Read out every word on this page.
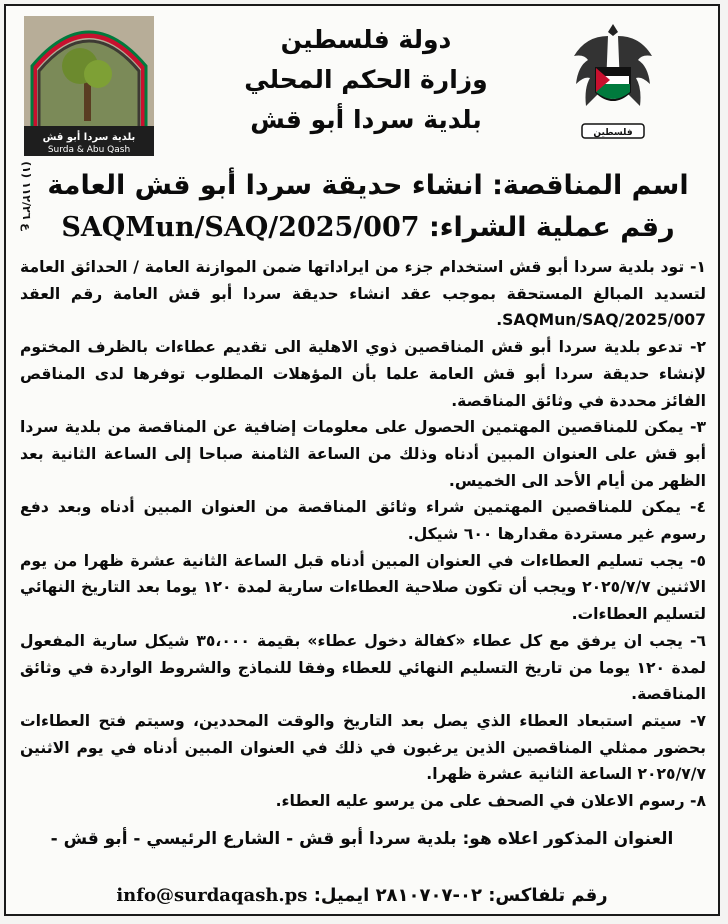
فلسطين
بلدية سردا أبو قش
Surda & Abu Qash
دولة فلسطين
وزارة الحكم المحلي
بلدية سردا أبو قش
ع ١١٢/٢٦ (١)
اسم المناقصة: انشاء حديقة سردا أبو قش العامة
رقم عملية الشراء: SAQMun/SAQ/2025/007

١- تود بلدية سردا أبو قش استخدام جزء من ايراداتها ضمن الموازنة العامة / الحدائق العامة لتسديد المبالغ المستحقة بموجب عقد انشاء حديقة سردا أبو قش العامة رقم العقد SAQMun/SAQ/2025/007.

٢- تدعو بلدية سردا أبو قش المناقصين ذوي الاهلية الى تقديم عطاءات بالظرف المختوم لإنشاء حديقة سردا أبو قش العامة علما بأن المؤهلات المطلوب توفرها لدى المناقص الفائز محددة في وثائق المناقصة.

٣- يمكن للمناقصين المهتمين الحصول على معلومات إضافية عن المناقصة من بلدية سردا أبو قش على العنوان المبين أدناه وذلك من الساعة الثامنة صباحا إلى الساعة الثانية بعد الظهر من أيام الأحد الى الخميس.

٤- يمكن للمناقصين المهتمين شراء وثائق المناقصة من العنوان المبين أدناه وبعد دفع رسوم غير مستردة مقدارها ٦٠٠ شيكل.

٥- يجب تسليم العطاءات في العنوان المبين أدناه قبل الساعة الثانية عشرة ظهرا من يوم الاثنين ٢٠٢٥/٧/٧ ويجب أن تكون صلاحية العطاءات سارية لمدة ١٢٠ يوما بعد التاريخ النهائي لتسليم العطاءات.

٦- يجب ان يرفق مع كل عطاء «كفالة دخول عطاء» بقيمة ٣٥،٠٠٠ شيكل سارية المفعول لمدة ١٢٠ يوما من تاريخ التسليم النهائي للعطاء وفقا للنماذج والشروط الواردة في وثائق المناقصة.

٧- سيتم استبعاد العطاء الذي يصل بعد التاريخ والوقت المحددين، وسيتم فتح العطاءات بحضور ممثلي المناقصين الذين يرغبون في ذلك في العنوان المبين أدناه في يوم الاثنين ٢٠٢٥/٧/٧ الساعة الثانية عشرة ظهرا.

٨- رسوم الاعلان في الصحف على من يرسو عليه العطاء.

العنوان المذكور اعلاه هو: بلدية سردا أبو قش - الشارع الرئيسي - أبو قش -
رقم تلفاكس: ٠٢-٢٨١٠٧٠٧ ايميل: info@surdaqash.ps
